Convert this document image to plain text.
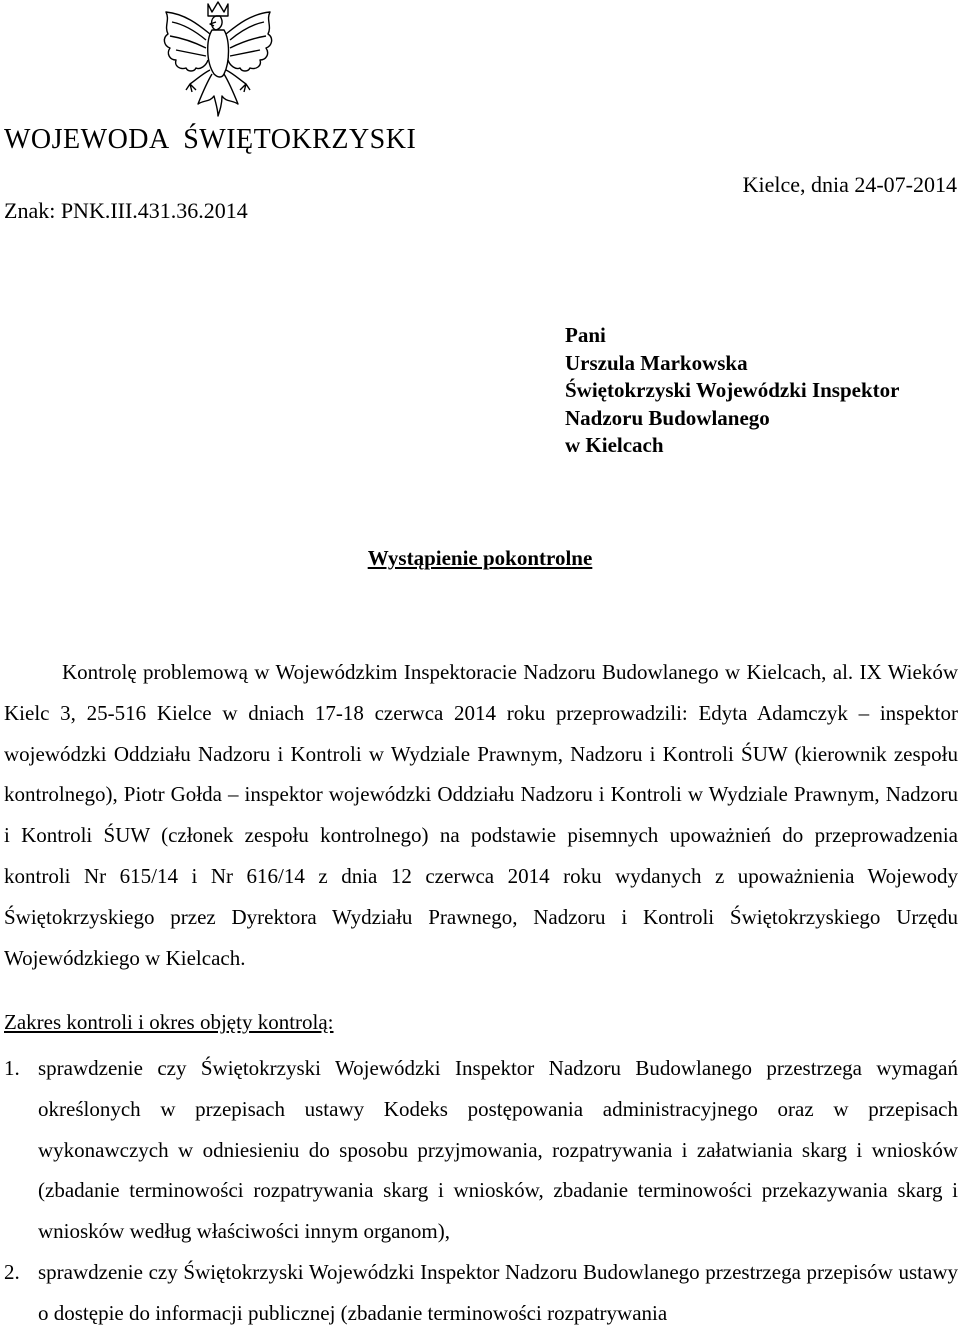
WOJEWODA  ŚWIĘTOKRZYSKI
Znak: PNK.III.431.36.2014
Kielce, dnia 24-07-2014
Pani
Urszula Markowska
Świętokrzyski Wojewódzki Inspektor
Nadzoru Budowlanego
w Kielcach
Wystąpienie pokontrolne

Kontrolę problemową w Wojewódzkim Inspektoracie Nadzoru Budowlanego w Kielcach, al. IX Wieków Kielc 3, 25-516 Kielce w dniach 17-18 czerwca 2014 roku przeprowadzili: Edyta Adamczyk – inspektor wojewódzki Oddziału Nadzoru i Kontroli w Wydziale Prawnym, Nadzoru i Kontroli ŚUW (kierownik zespołu kontrolnego), Piotr Gołda – inspektor wojewódzki Oddziału Nadzoru i Kontroli w Wydziale Prawnym, Nadzoru i Kontroli ŚUW (członek zespołu kontrolnego) na podstawie pisemnych upoważnień do przeprowadzenia kontroli Nr 615/14 i Nr 616/14 z dnia 12 czerwca 2014 roku wydanych z upoważnienia Wojewody Świętokrzyskiego przez Dyrektora Wydziału Prawnego, Nadzoru i Kontroli Świętokrzyskiego Urzędu Wojewódzkiego w Kielcach.

Zakres kontroli i okres objęty kontrolą:
1. sprawdzenie czy Świętokrzyski Wojewódzki Inspektor Nadzoru Budowlanego przestrzega wymagań określonych w przepisach ustawy Kodeks postępowania administracyjnego oraz w przepisach wykonawczych w odniesieniu do sposobu przyjmowania, rozpatrywania i załatwiania skarg i wniosków (zbadanie terminowości rozpatrywania skarg i wniosków, zbadanie terminowości przekazywania skarg i wniosków według właściwości innym organom),
2. sprawdzenie czy Świętokrzyski Wojewódzki Inspektor Nadzoru Budowlanego przestrzega przepisów ustawy o dostępie do informacji publicznej (zbadanie terminowości rozpatrywania
